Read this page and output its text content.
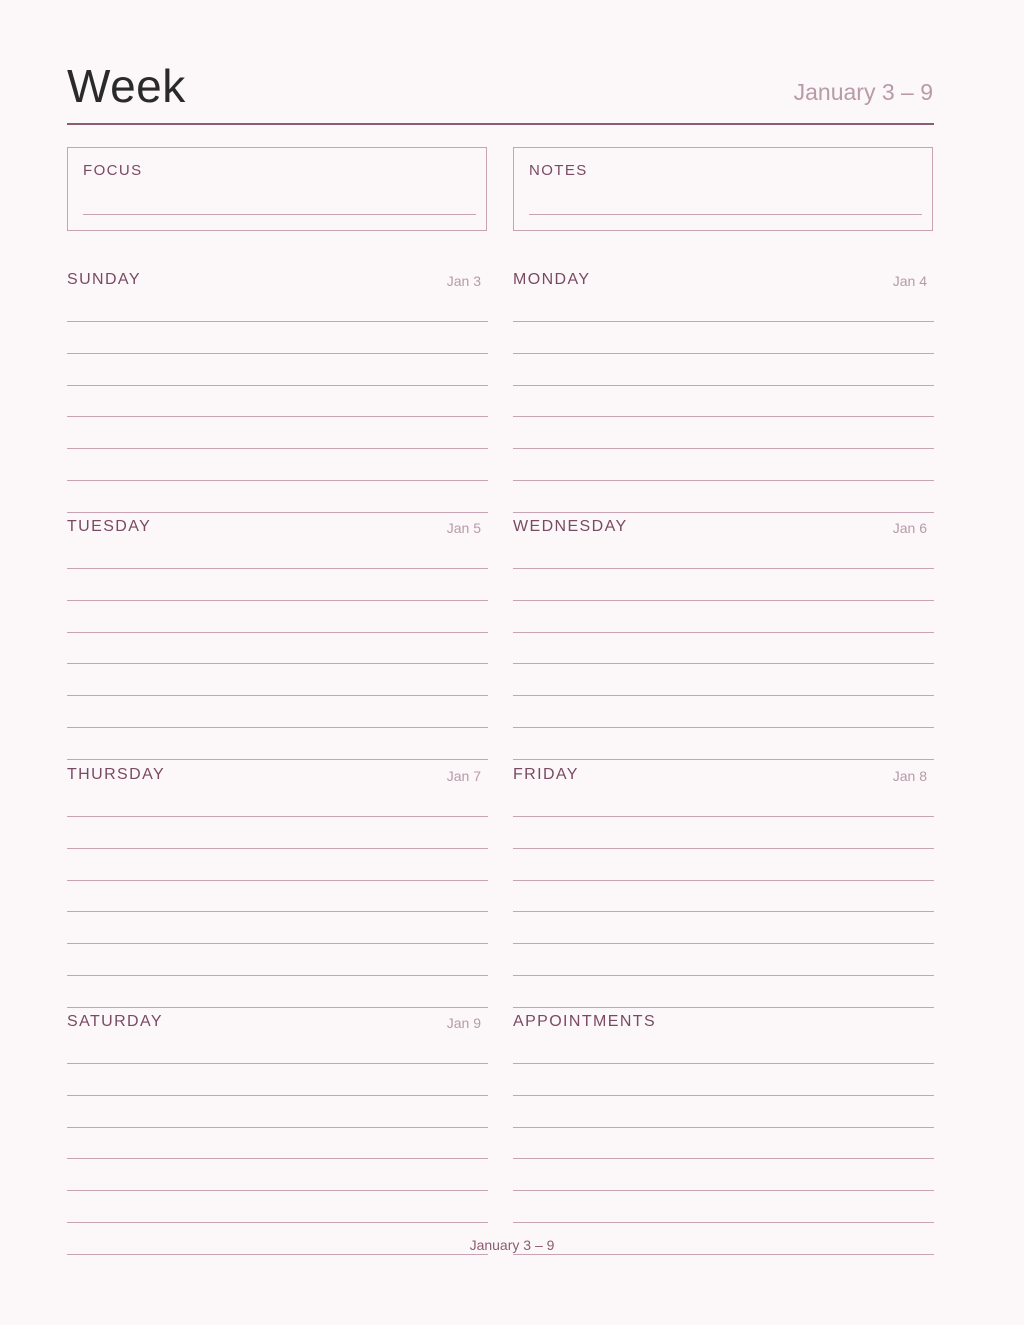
Week	January 3 – 9
FOCUS	NOTES
SUNDAY	Jan 3 MONDAY	Jan 4
TUESDAY	Jan 5 WEDNESDAY	Jan 6
THURSDAY	Jan 7 FRIDAY	Jan 8
SATURDAY	Jan 9 APPOINTMENTS
January 3 – 9
